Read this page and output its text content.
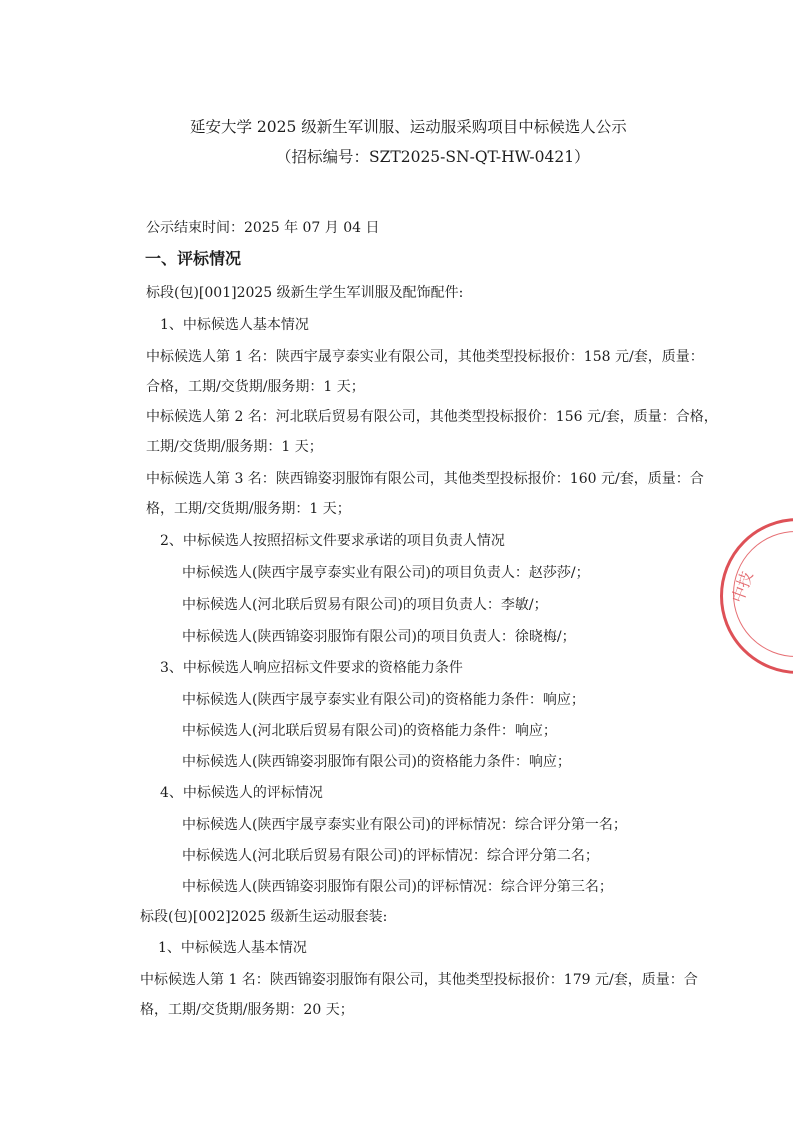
延安大学 2025 级新生军训服、运动服采购项目中标候选人公示
（招标编号：SZT2025-SN-QT-HW-0421）
公示结束时间：2025 年 07 月 04 日
一、评标情况
标段(包)[001]2025 级新生学生军训服及配饰配件:
1、中标候选人基本情况
中标候选人第 1 名：陕西宇晟亨泰实业有限公司，其他类型投标报价：158 元/套，质量：
合格，工期/交货期/服务期：1 天；
中标候选人第 2 名：河北联后贸易有限公司，其他类型投标报价：156 元/套，质量：合格，
工期/交货期/服务期：1 天；
中标候选人第 3 名：陕西锦姿羽服饰有限公司，其他类型投标报价：160 元/套，质量：合
格，工期/交货期/服务期：1 天；
2、中标候选人按照招标文件要求承诺的项目负责人情况
中标候选人(陕西宇晟亨泰实业有限公司)的项目负责人：赵莎莎/；
中标候选人(河北联后贸易有限公司)的项目负责人：李敏/；
中标候选人(陕西锦姿羽服饰有限公司)的项目负责人：徐晓梅/；
3、中标候选人响应招标文件要求的资格能力条件
中标候选人(陕西宇晟亨泰实业有限公司)的资格能力条件：响应；
中标候选人(河北联后贸易有限公司)的资格能力条件：响应；
中标候选人(陕西锦姿羽服饰有限公司)的资格能力条件：响应；
4、中标候选人的评标情况
中标候选人(陕西宇晟亨泰实业有限公司)的评标情况：综合评分第一名；
中标候选人(河北联后贸易有限公司)的评标情况：综合评分第二名；
中标候选人(陕西锦姿羽服饰有限公司)的评标情况：综合评分第三名；
标段(包)[002]2025 级新生运动服套装:
1、中标候选人基本情况
中标候选人第 1 名：陕西锦姿羽服饰有限公司，其他类型投标报价：179 元/套，质量：合
格，工期/交货期/服务期：20 天；
中技
